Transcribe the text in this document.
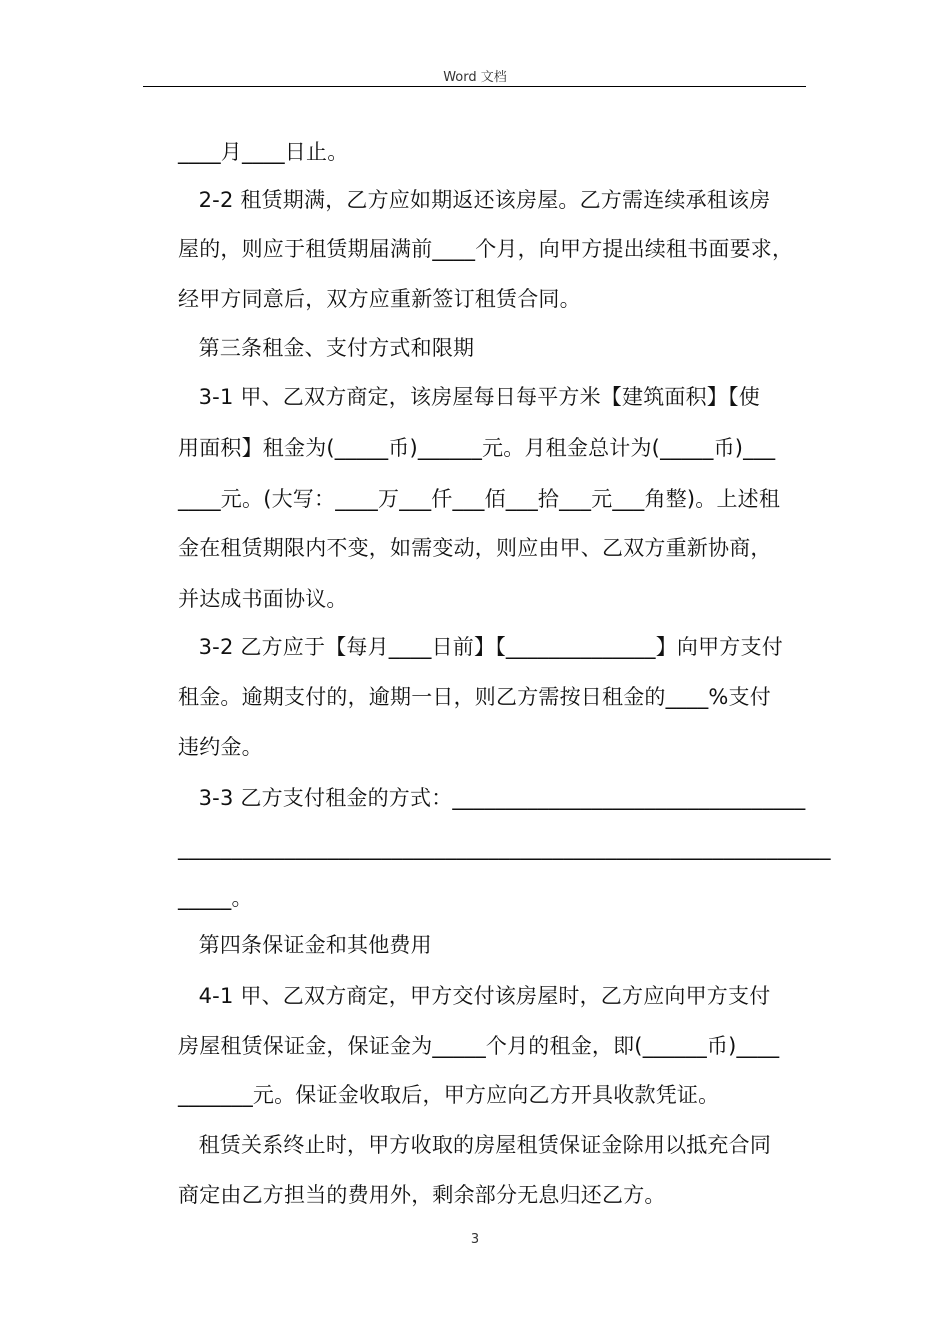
Word 文档
____月____日止。
2-2 租赁期满，乙方应如期返还该房屋。乙方需连续承租该房
屋的，则应于租赁期届满前____个月，向甲方提出续租书面要求，
经甲方同意后，双方应重新签订租赁合同。
第三条租金、支付方式和限期
3-1 甲、乙双方商定，该房屋每日每平方米【建筑面积】【使
用面积】租金为(_____币)______元。月租金总计为(_____币)___
____元。(大写：____万___仟___佰___拾___元___角整)。上述租
金在租赁期限内不变，如需变动，则应由甲、乙双方重新协商，
并达成书面协议。
3-2 乙方应于【每月____日前】【______________】向甲方支付
租金。逾期支付的，逾期一日，则乙方需按日租金的____%支付
违约金。
3-3 乙方支付租金的方式：_________________________________
_____________________________________________________________
_____。
第四条保证金和其他费用
4-1 甲、乙双方商定，甲方交付该房屋时，乙方应向甲方支付
房屋租赁保证金，保证金为_____个月的租金，即(______币)____
_______元。保证金收取后，甲方应向乙方开具收款凭证。
租赁关系终止时，甲方收取的房屋租赁保证金除用以抵充合同
商定由乙方担当的费用外，剩余部分无息归还乙方。
3
